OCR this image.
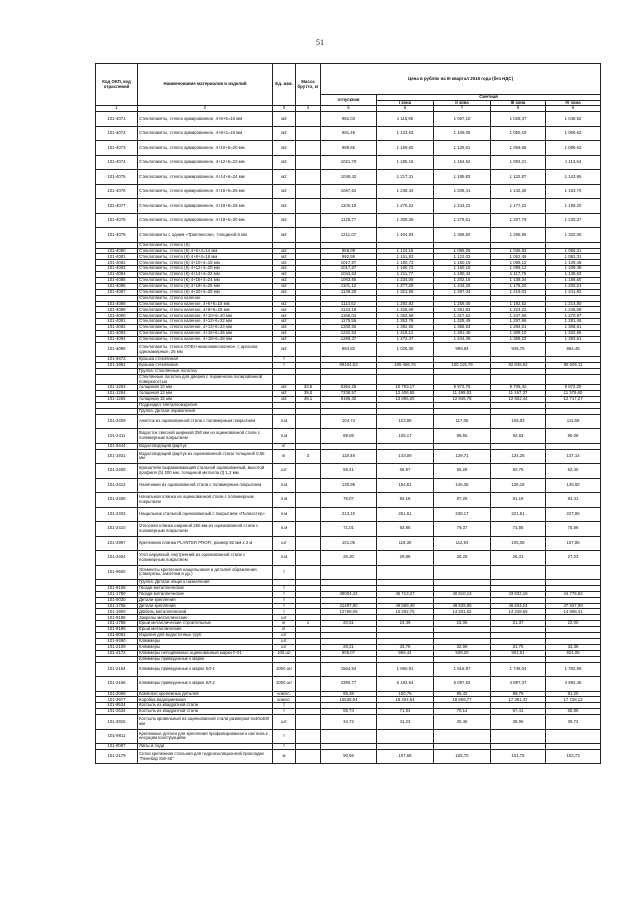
51
Код ОКП, код отраслевой	Наименование материалов и изделий	Ед. изм.	Масса брутто, кг	Цена в рублях на III квартал 2016 года (без НДС)				
				отпускная	Сметная			
					I зона	II зона	III зона	IV зона
1	2	3	4	5	6	7	8	9
101-4071	Стеклопакеты, стекло армированное, 4+6+6=16 мм	м2		982,03	1 115,95	1 067,10	1 028,37	1 048,62
101-4072	Стеклопакеты, стекло армированное, 4+8+4=16 мм	м2		991,49	1 133,53	1 109,08	1 050,19	1 069,62
101-4073	Стеклопакеты, стекло армированное, 4+10+6=20 мм	м2		999,65	1 159,60	1 129,61	1 069,65	1 089,62
101-4074	Стеклопакеты, стекло армированное, 4+12+6=22 мм	м2		1021,70	1 185,16	1 154,52	1 093,21	1 113,64
101-4075	Стеклопакеты, стекло армированное, 4+14+6=24 мм	м2		1049,42	1 217,31	1 185,83	1 122,87	1 143,86
101-4076	Стеклопакеты, стекло армированное, 4+16+6=26 мм	м2		1067,62	1 238,44	1 208,41	1 142,35	1 163,70
101-4077	Стеклопакеты, стекло армированное, 4+18+6=28 мм	м2		1100,19	1 276,22	1 243,23	1 177,22	1 199,20
101-4078	Стеклопакеты, стекло армированное, 4+18+6=30 мм	м2		1128,77	1 309,39	1 275,51	1 207,79	1 230,37
101-4079	Стеклопакеты с одним «Триплексом», толщиной 6 мм	м2		1211,07	1 404,84	1 368,50	1 295,85	1 320,06
	Стеклопакеты, стекло (К):							
101-4080	Стеклопакеты, стекло (К) 4+6+4=14 мм	м2		968,09	1 124,15	1 096,09	1 036,83	1 056,31
101-4081	Стеклопакеты, стекло (К) 4+8+4=16 мм	м2		992,95	1 151,83	1 122,03	1 062,46	1 082,31
101-4082	Стеклопакеты, стекло (К) 4+10+4=18 мм	м2		1017,87	1 180,73	1 150,19	1 089,12	1 109,48
101-4083	Стеклопакеты, стекло (К) 4+12+4=20 мм	м2		1017,87	1 180,73	1 150,19	1 089,12	1 109,48
101-4084	Стеклопакеты, стекло (К) 4+14+4=22 мм	м2		1044,63	1 211,77	1 180,43	1 117,76	1 138,63
101-4085	Стеклопакеты, стекло (К) 4+16+4=24 мм	м2		1063,85	1 234,06	1 202,16	1 138,34	1 159,60
101-4086	Стеклопакеты, стекло (К) 4+18+4=26 мм	м2		1101,12	1 277,29	1 244,26	1 178,20	1 200,21
101-4087	Стеклопакеты, стекло (К) 4+20+4=28 мм	м2		1139,28	1 321,58	1 287,34	1 219,03	1 241,82
	Стеклопакеты, стекло каленое							
101-4088	Стеклопакеты, стекло каленое, 4+6+6=16 мм	м2		1114,52	1 292,83	1 259,40	1 192,52	1 214,80
101-4089	Стеклопакеты, стекло каленое, 4+8+6=18 мм	м2		1143,18	1 326,09	1 291,82	1 223,22	1 246,08
101-4090	Стеклопакеты, стекло каленое, 4+10+6=20 мм	м2		1166,04	1 352,58	1 317,62	1 247,66	1 270,97
101-4091	Стеклопакеты, стекло каленое, 4+12+6=22 мм	м2		1175,56	1 363,78	1 328,49	1 257,96	1 281,46
101-4092	Стеклопакеты, стекло каленое, 4+14+6=24 мм	м2		1200,56	1 392,65	1 356,63	1 284,61	1 308,61
101-4093	Стеклопакеты, стекло каленое, 4+16+6=26 мм	м2		1222,53	1 418,12	1 381,45	1 308,10	1 332,55
101-4094	Стеклопакеты, стекло каленое, 4+18+6=28 мм	м2		1269,37	1 472,47	1 434,39	1 358,23	1 383,61
101-4095	Стеклопакеты, стекло ОПЕН низкоэмиссионное, с аргоном, однокамерные, 26 мм	м2		884,82	1 026,38	999,84	946,75	964,45
101-9472	Крошка стеклянная	т						
101-1981	Крошка стеклянная	т		89104,53	106 456,76	100 115,79	82 846,82	95 605,11
	Группа: Стеклянные полотна							
	Стеклянные полотна для дверей с термически полированной поверхностью							
101-1263	толщиной 10 мм	м2	32,6	6364,25	10 763,17	9 972,75	9 705,42	9 872,20
101-1264	толщиной 12 мм	м2	39,3	7338,57	12 406,65	11 499,53	11 167,37	11 379,60
101-1265	толщиной 15 мм	м2	49,1	8196,30	13 865,00	12 846,78	12 502,44	12 717,27
	Подраздел: Металлоизделия							
	Группа: Детали обрамления							
101-2409	Анкеток из оцинкованной стали с полимерным покрытием	п.м		104,74	123,86	117,06	108,93	111,68
101-2411	Водосток свесной шириной 250 мм из оцинкованной стали с полимерным покрытием	п.м		89,08	105,17	99,56	92,63	95,08
101-9444	Водоотводящий фартук	кг						
101-1931	Водоотводящий фартук из оцинкованной стали толщиной 0,55 мм	кг	3	118,49	143,09	139,71	134,25	137,14
101-2408	Кронштейн выравнивающий стальной оцинкованный, высотой профиля (h) 200 мм, толщиной металла (t) 1,2 мм	шт		59,41	69,97	65,29	60,76	62,40
101-2412	Наличники из оцинкованной стали с полимерным покрытием	п.м		130,95	154,61	146,36	136,18	139,60
101-2405	Начальная планка из оцинкованной стали с полимерным покрытием	п.м		78,07	92,18	87,25	81,19	83,41
101-2403	Нащельник стальной оцинкованный с покрытием «Полиэстер»	п.м		213,10	251,61	238,17	221,61	227,86
101-2410	Откосная планка шириной 250 мм из оцинкованной стали с полимерным покрытием	п.м		71,01	83,85	79,37	73,85	75,86
101-2997	Крепежная планка PLANTER PROFI, размер 82 мм x 2 м	шт		101,05	119,30	112,93	105,08	107,86
101-2404	Угол наружный, внутренний из оцинкованной стали с полимерным покрытием	п.м		25,30	29,88	28,28	26,31	27,03
101-9500	Элементы крепления нащельников и деталей обрамления (саморезы, заклепки и др.)	т						
	Группа: Детали общего назначения							
101-9158	Гвозди металлические	т						
101-1790	Гвозди металлические	т		39004,42	46 713,27	40 610,13	43 832,19	44 775,82
101-9030	Детали крепления	т						
101-1756	Детали крепления	т		41497,80	49 699,49	48 525,86	46 634,24	47 637,99
101-1950	Дюбель металлический	т		12769,09	15 292,75	14 931,62	14 349,56	14 658,41
101-9186	Закрепы металлические	шт						
101-1788	Ерши металлические строительные	кг	1	20,51	24,49	23,05	21,37	22,00
101-9185	Ерши металлические	кг						
101-9052	Изделия для водосточных труб	шт						
101-9490	Кляммеры	шт						
101-2109	Кляммеры	шт		28,21	33,78	32,99	31,70	32,38
101-4172	Кляммеры неподвижные оцинкованный марки F-01	100 шт		806,07	966,44	938,20	902,61	921,05
	Кляммеры приведенные к марке							
101-2164	Кляммеры приведенные к марке КЛ-1	1000 шт		1564,54	1 850,91	1 816,97	1 749,04	1 782,99
101-2166	Кляммеры приведенные к марке КЛ-2	1000 шт		4390,77	5 192,64	5 087,53	4 897,37	4 992,45
101-2069	Комплект крепежных деталей	компл.		85,38	100,76	95,42	88,79	91,20
101-3977	Коробка водоприемная	компл.		15536,94	18 404,54	18 556,77	17 391,47	17 728,12
101-9534	Костыль из квадратной стали	т						
101-2534	Костыль из квадратной стали	т		59,74	71,84	70,14	67,41	68,86
101-2915	Костыль кровельный из оцинкованной стали размером 4х40х400 мм	шт		34,72	41,23	40,46	38,96	39,72
101-9811	Крепежные детали для крепления профилированного настила к несущим конструкциям	т						
101-9087	Лапы и лоди	т						
101-3179	Сетка крепежная стальная для гидроизоляционной прокладки "Пенебар SW-45"	м		90,66	107,68	105,70	101,75	103,73
